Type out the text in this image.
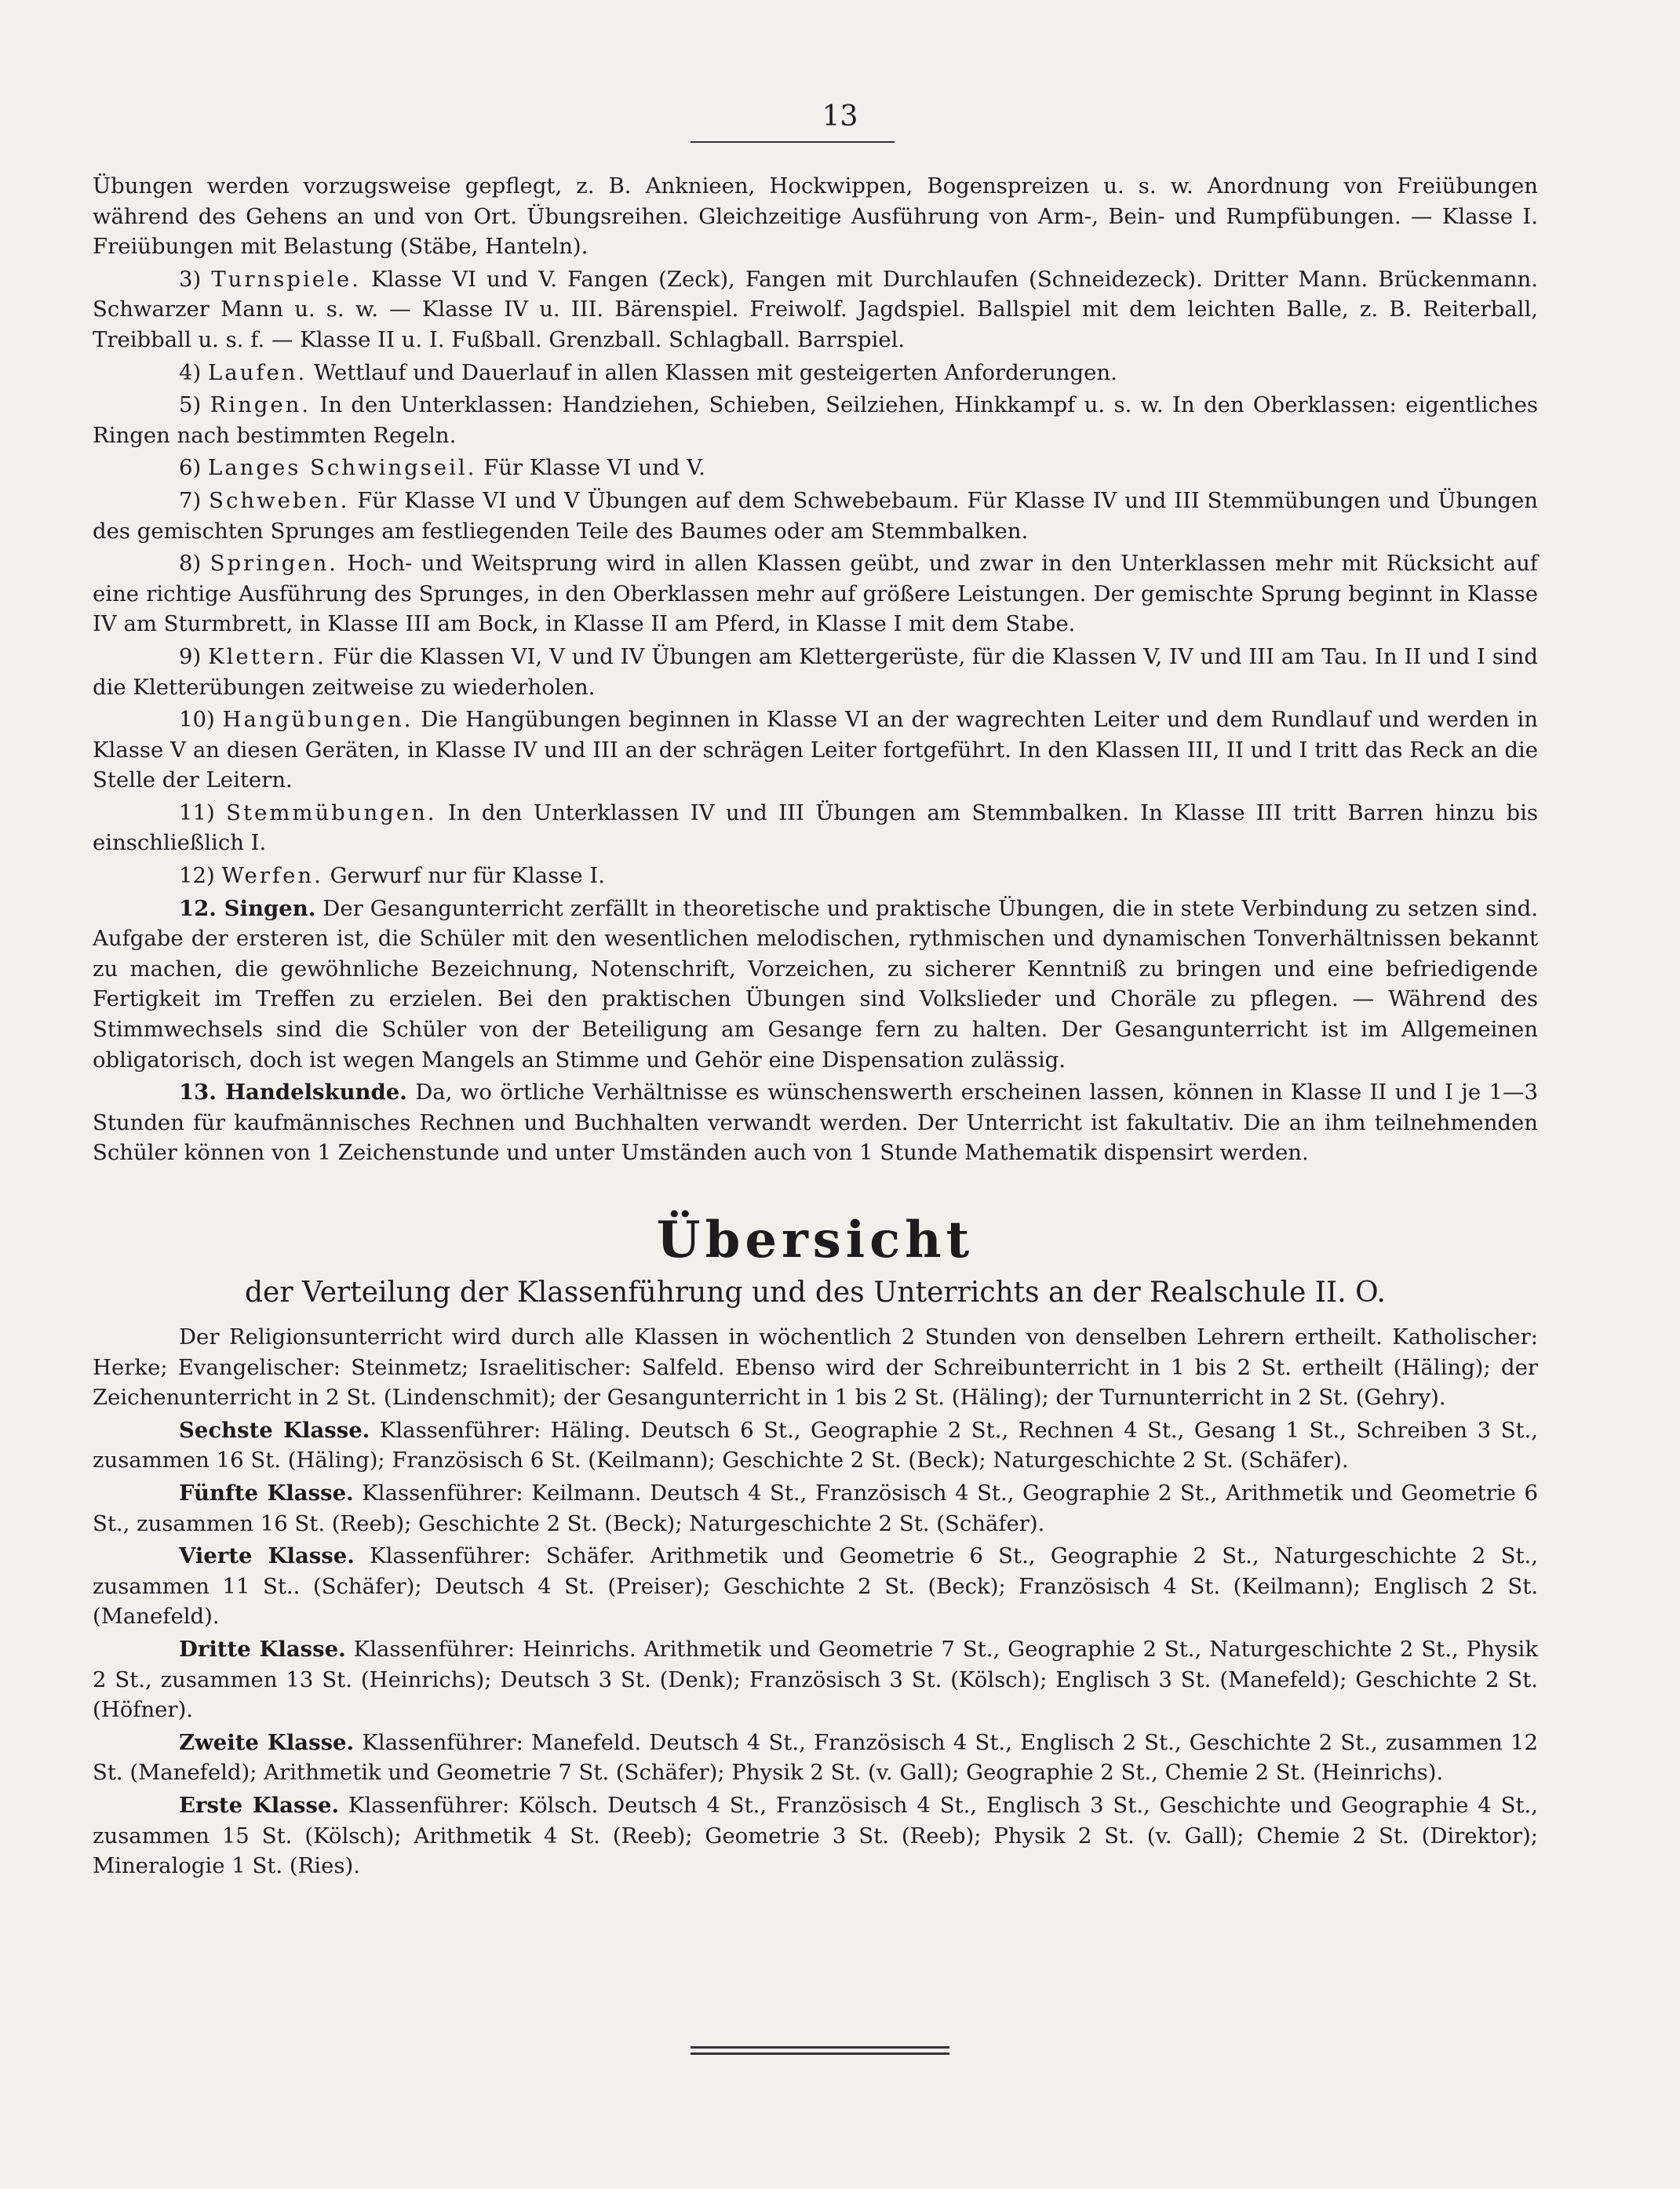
13

Übungen werden vorzugsweise gepflegt, z. B. Anknieen, Hockwippen, Bogenspreizen u. s. w. Anordnung von Freiübungen während des Gehens an und von Ort. Übungsreihen. Gleichzeitige Ausführung von Arm-, Bein- und Rumpfübungen. — Klasse I. Freiübungen mit Belastung (Stäbe, Hanteln).

3) Turnspiele. Klasse VI und V. Fangen (Zeck), Fangen mit Durchlaufen (Schneidezeck). Dritter Mann. Brückenmann. Schwarzer Mann u. s. w. — Klasse IV u. III. Bärenspiel. Freiwolf. Jagdspiel. Ballspiel mit dem leichten Balle, z. B. Reiterball, Treibball u. s. f. — Klasse II u. I. Fußball. Grenzball. Schlagball. Barrspiel.

4) Laufen. Wettlauf und Dauerlauf in allen Klassen mit gesteigerten Anforderungen.

5) Ringen. In den Unterklassen: Handziehen, Schieben, Seilziehen, Hinkkampf u. s. w. In den Oberklassen: eigentliches Ringen nach bestimmten Regeln.

6) Langes Schwingseil. Für Klasse VI und V.

7) Schweben. Für Klasse VI und V Übungen auf dem Schwebebaum. Für Klasse IV und III Stemmübungen und Übungen des gemischten Sprunges am festliegenden Teile des Baumes oder am Stemmbalken.

8) Springen. Hoch- und Weitsprung wird in allen Klassen geübt, und zwar in den Unterklassen mehr mit Rücksicht auf eine richtige Ausführung des Sprunges, in den Oberklassen mehr auf größere Leistungen. Der gemischte Sprung beginnt in Klasse IV am Sturmbrett, in Klasse III am Bock, in Klasse II am Pferd, in Klasse I mit dem Stabe.

9) Klettern. Für die Klassen VI, V und IV Übungen am Klettergerüste, für die Klassen V, IV und III am Tau. In II und I sind die Kletterübungen zeitweise zu wiederholen.

10) Hangübungen. Die Hangübungen beginnen in Klasse VI an der wagrechten Leiter und dem Rundlauf und werden in Klasse V an diesen Geräten, in Klasse IV und III an der schrägen Leiter fortgeführt. In den Klassen III, II und I tritt das Reck an die Stelle der Leitern.

11) Stemmübungen. In den Unterklassen IV und III Übungen am Stemmbalken. In Klasse III tritt Barren hinzu bis einschließlich I.

12) Werfen. Gerwurf nur für Klasse I.

12. Singen. Der Gesangunterricht zerfällt in theoretische und praktische Übungen, die in stete Verbindung zu setzen sind. Aufgabe der ersteren ist, die Schüler mit den wesentlichen melodischen, rythmischen und dynamischen Tonverhältnissen bekannt zu machen, die gewöhnliche Bezeichnung, Notenschrift, Vorzeichen, zu sicherer Kenntniß zu bringen und eine befriedigende Fertigkeit im Treffen zu erzielen. Bei den praktischen Übungen sind Volkslieder und Choräle zu pflegen. — Während des Stimmwechsels sind die Schüler von der Beteiligung am Gesange fern zu halten. Der Gesangunterricht ist im Allgemeinen obligatorisch, doch ist wegen Mangels an Stimme und Gehör eine Dispensation zulässig.

13. Handelskunde. Da, wo örtliche Verhältnisse es wünschenswerth erscheinen lassen, können in Klasse II und I je 1—3 Stunden für kaufmännisches Rechnen und Buchhalten verwandt werden. Der Unterricht ist fakultativ. Die an ihm teilnehmenden Schüler können von 1 Zeichenstunde und unter Umständen auch von 1 Stunde Mathematik dispensirt werden.

Übersicht
der Verteilung der Klassenführung und des Unterrichts an der Realschule II. O.

Der Religionsunterricht wird durch alle Klassen in wöchentlich 2 Stunden von denselben Lehrern ertheilt. Katholischer: Herke; Evangelischer: Steinmetz; Israelitischer: Salfeld. Ebenso wird der Schreibunterricht in 1 bis 2 St. ertheilt (Häling); der Zeichenunterricht in 2 St. (Lindenschmit); der Gesangunterricht in 1 bis 2 St. (Häling); der Turnunterricht in 2 St. (Gehry).

Sechste Klasse. Klassenführer: Häling. Deutsch 6 St., Geographie 2 St., Rechnen 4 St., Gesang 1 St., Schreiben 3 St., zusammen 16 St. (Häling); Französisch 6 St. (Keilmann); Geschichte 2 St. (Beck); Naturgeschichte 2 St. (Schäfer).

Fünfte Klasse. Klassenführer: Keilmann. Deutsch 4 St., Französisch 4 St., Geographie 2 St., Arithmetik und Geometrie 6 St., zusammen 16 St. (Reeb); Geschichte 2 St. (Beck); Naturgeschichte 2 St. (Schäfer).

Vierte Klasse. Klassenführer: Schäfer. Arithmetik und Geometrie 6 St., Geographie 2 St., Naturgeschichte 2 St., zusammen 11 St.. (Schäfer); Deutsch 4 St. (Preiser); Geschichte 2 St. (Beck); Französisch 4 St. (Keilmann); Englisch 2 St. (Manefeld).

Dritte Klasse. Klassenführer: Heinrichs. Arithmetik und Geometrie 7 St., Geographie 2 St., Naturgeschichte 2 St., Physik 2 St., zusammen 13 St. (Heinrichs); Deutsch 3 St. (Denk); Französisch 3 St. (Kölsch); Englisch 3 St. (Manefeld); Geschichte 2 St. (Höfner).

Zweite Klasse. Klassenführer: Manefeld. Deutsch 4 St., Französisch 4 St., Englisch 2 St., Geschichte 2 St., zusammen 12 St. (Manefeld); Arithmetik und Geometrie 7 St. (Schäfer); Physik 2 St. (v. Gall); Geographie 2 St., Chemie 2 St. (Heinrichs).

Erste Klasse. Klassenführer: Kölsch. Deutsch 4 St., Französisch 4 St., Englisch 3 St., Geschichte und Geographie 4 St., zusammen 15 St. (Kölsch); Arithmetik 4 St. (Reeb); Geometrie 3 St. (Reeb); Physik 2 St. (v. Gall); Chemie 2 St. (Direktor); Mineralogie 1 St. (Ries).
